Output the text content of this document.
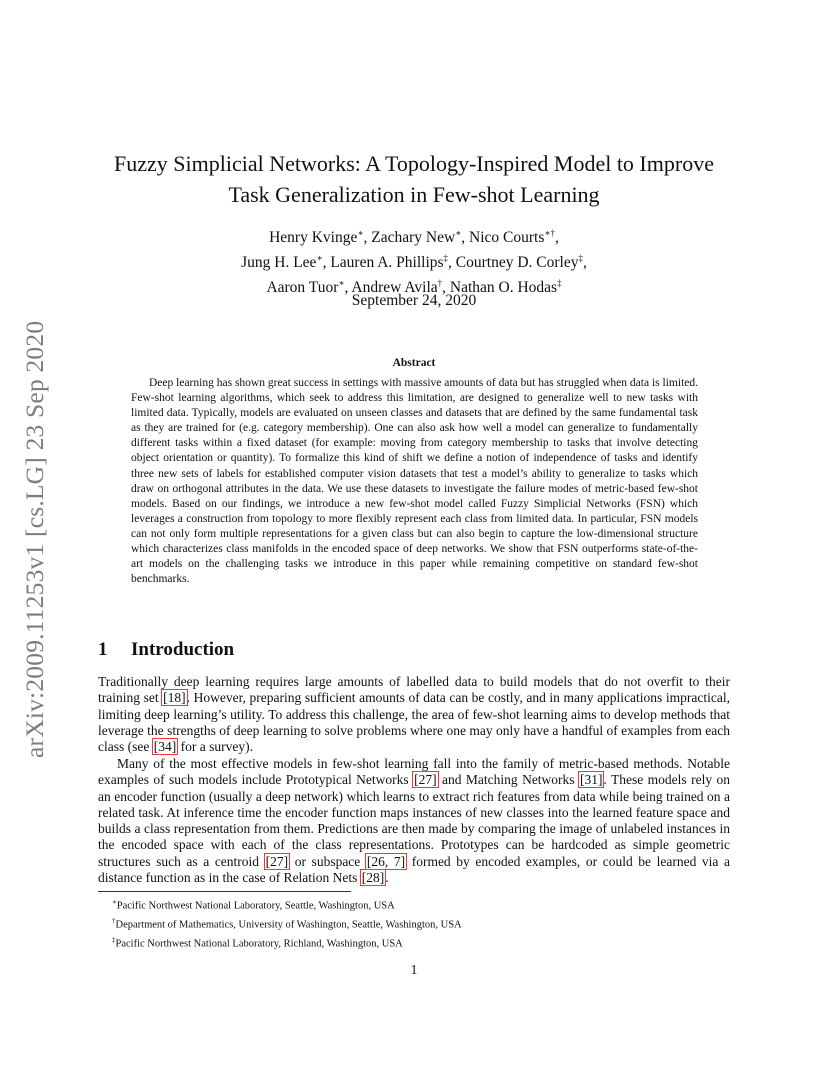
arXiv:2009.11253v1 [cs.LG] 23 Sep 2020
Fuzzy Simplicial Networks: A Topology-Inspired Model to Improve
Task Generalization in Few-shot Learning
Henry Kvinge∗, Zachary New∗, Nico Courts∗†,
Jung H. Lee∗, Lauren A. Phillips‡, Courtney D. Corley‡,
Aaron Tuor∗, Andrew Avila†, Nathan O. Hodas‡
September 24, 2020
Abstract

Deep learning has shown great success in settings with massive amounts of data but has struggled when data is limited. Few-shot learning algorithms, which seek to address this limitation, are designed to generalize well to new tasks with limited data. Typically, models are evaluated on unseen classes and datasets that are defined by the same fundamental task as they are trained for (e.g. category membership). One can also ask how well a model can generalize to fundamentally different tasks within a fixed dataset (for example: moving from category membership to tasks that involve detecting object orientation or quantity). To formalize this kind of shift we define a notion of independence of tasks and identify three new sets of labels for established computer vision datasets that test a model’s ability to generalize to tasks which draw on orthogonal attributes in the data. We use these datasets to investigate the failure modes of metric-based few-shot models. Based on our findings, we introduce a new few-shot model called Fuzzy Simplicial Networks (FSN) which leverages a construction from topology to more flexibly represent each class from limited data. In particular, FSN models can not only form multiple representations for a given class but can also begin to capture the low-dimensional structure which characterizes class manifolds in the encoded space of deep networks. We show that FSN outperforms state-of-the-art models on the challenging tasks we introduce in this paper while remaining competitive on standard few-shot benchmarks.

1 Introduction

Traditionally deep learning requires large amounts of labelled data to build models that do not overfit to their training set [18]. However, preparing sufficient amounts of data can be costly, and in many applications impractical, limiting deep learning’s utility. To address this challenge, the area of few-shot learning aims to develop methods that leverage the strengths of deep learning to solve problems where one may only have a handful of examples from each class (see [34] for a survey).

Many of the most effective models in few-shot learning fall into the family of metric-based methods. Notable examples of such models include Prototypical Networks [27] and Matching Networks [31]. These models rely on an encoder function (usually a deep network) which learns to extract rich features from data while being trained on a related task. At inference time the encoder function maps instances of new classes into the learned feature space and builds a class representation from them. Predictions are then made by comparing the image of unlabeled instances in the encoded space with each of the class representations. Prototypes can be hardcoded as simple geometric structures such as a centroid [27] or subspace [26, 7] formed by encoded examples, or could be learned via a distance function as in the case of Relation Nets [28].

∗Pacific Northwest National Laboratory, Seattle, Washington, USA
†Department of Mathematics, University of Washington, Seattle, Washington, USA
‡Pacific Northwest National Laboratory, Richland, Washington, USA
1
